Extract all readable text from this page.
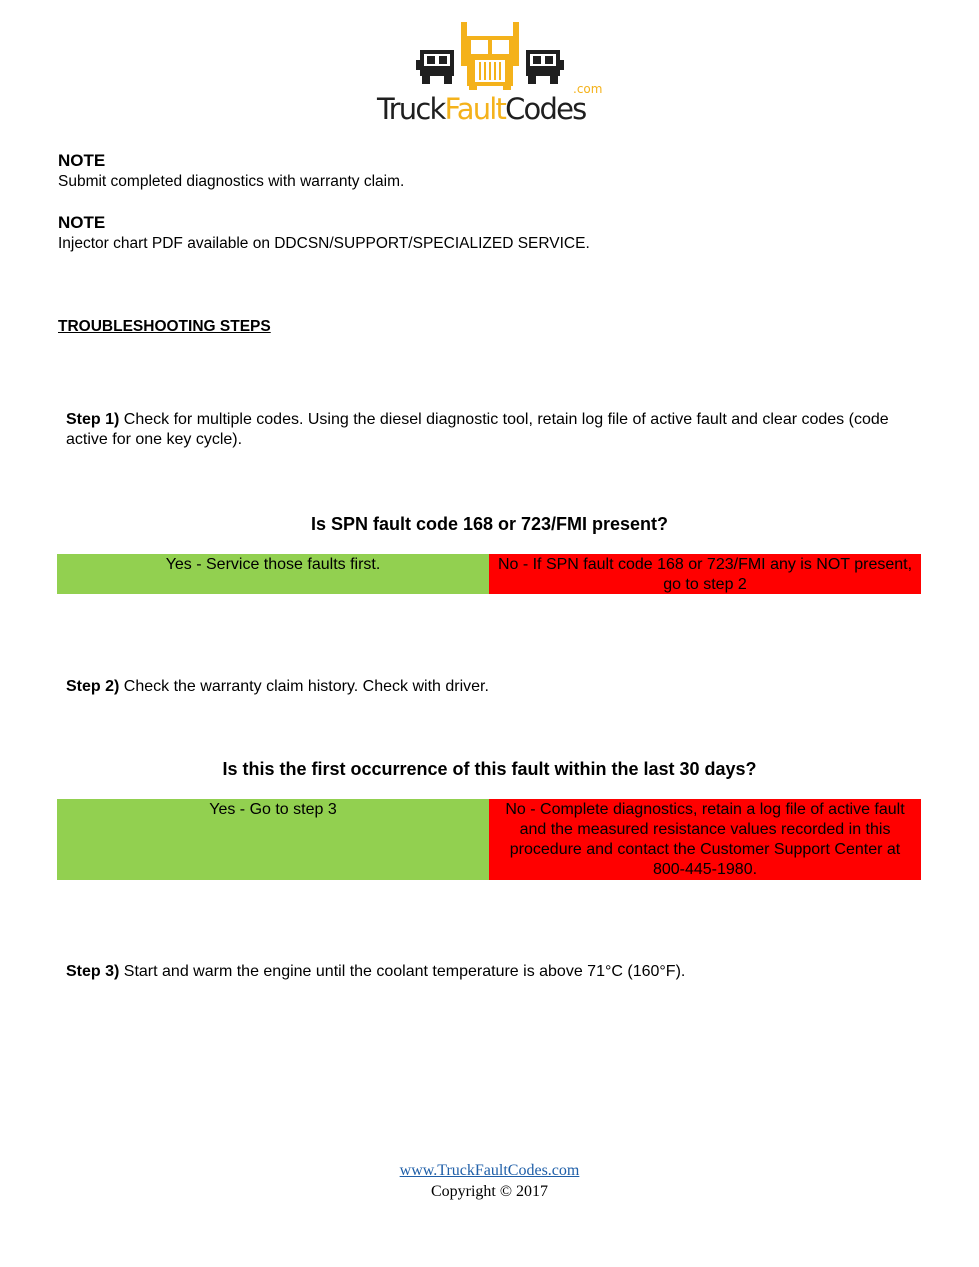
.com
TruckFaultCodes
NOTE
Submit completed diagnostics with warranty claim.
NOTE
Injector chart PDF available on DDCSN/SUPPORT/SPECIALIZED SERVICE.
TROUBLESHOOTING STEPS
Step 1) Check for multiple codes. Using the diesel diagnostic tool, retain log file of active fault and clear codes (code active for one key cycle).
Is SPN fault code 168 or 723/FMI present?
Yes - Service those faults first.	No - If SPN fault code 168 or 723/FMI any is NOT present, go to step 2
Step 2) Check the warranty claim history. Check with driver.
Is this the first occurrence of this fault within the last 30 days?
Yes - Go to step 3	No - Complete diagnostics, retain a log file of active fault and the measured resistance values recorded in this procedure and contact the Customer Support Center at 800-445-1980.
Step 3) Start and warm the engine until the coolant temperature is above 71°C (160°F).
www.TruckFaultCodes.com
Copyright © 2017
